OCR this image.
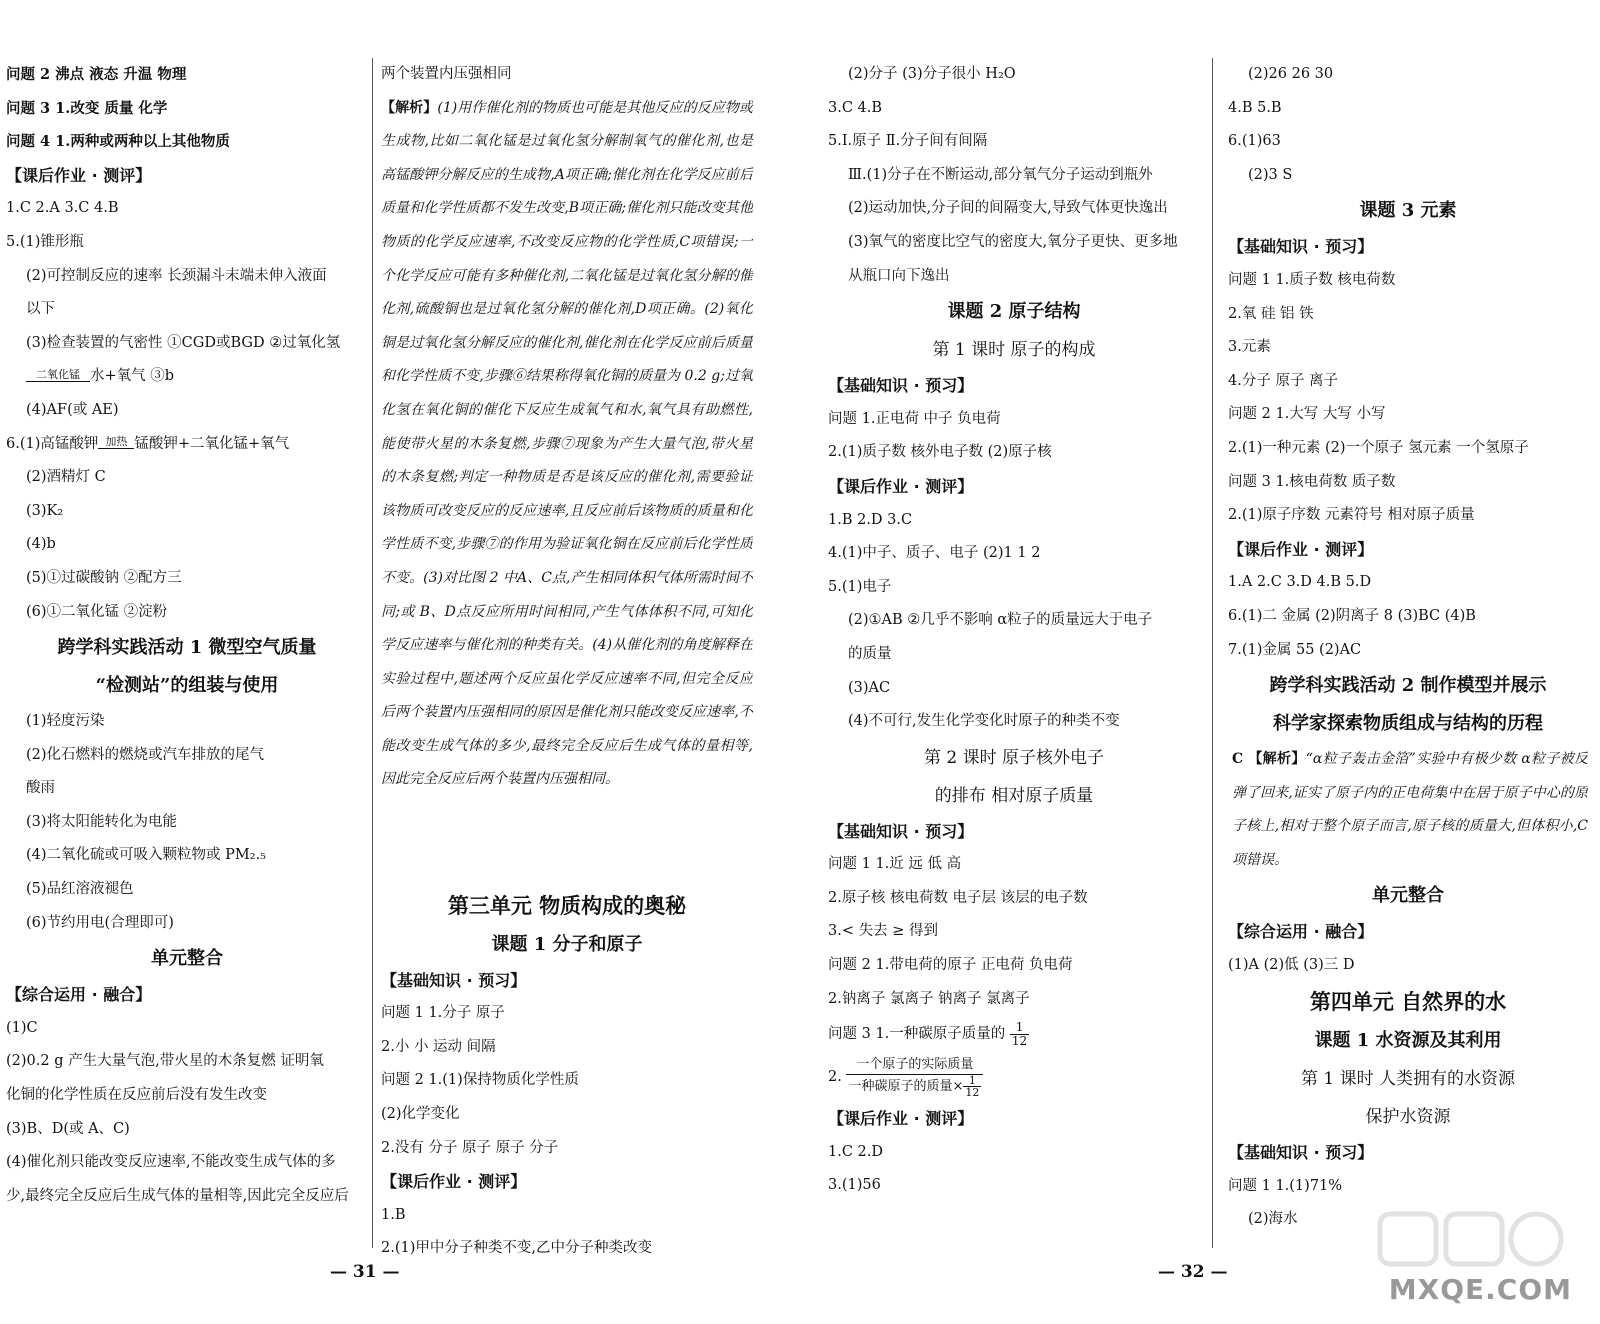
问题 2 沸点 液态 升温 物理
问题 3 1.改变 质量 化学
问题 4 1.两种或两种以上其他物质
【课后作业 · 测评】
1.C 2.A 3.C 4.B
5.(1)锥形瓶
(2)可控制反应的速率 长颈漏斗末端未伸入液面
以下
(3)检查装置的气密性 ①CGD或BGD ②过氧化氢
二氧化锰 水+氧气 ③b
(4)AF(或 AE)
6.(1)高锰酸钾 加热 锰酸钾+二氧化锰+氧气
(2)酒精灯 C
(3)K₂
(4)b
(5)①过碳酸钠 ②配方三
(6)①二氧化锰 ②淀粉
跨学科实践活动 1 微型空气质量
“检测站”的组装与使用
(1)轻度污染
(2)化石燃料的燃烧或汽车排放的尾气
酸雨
(3)将太阳能转化为电能
(4)二氧化硫或可吸入颗粒物或 PM₂.₅
(5)品红溶液褪色
(6)节约用电(合理即可)
单元整合
【综合运用 · 融合】
(1)C
(2)0.2 g 产生大量气泡,带火星的木条复燃 证明氧
化铜的化学性质在反应前后没有发生改变
(3)B、D(或 A、C)
(4)催化剂只能改变反应速率,不能改变生成气体的多
少,最终完全反应后生成气体的量相等,因此完全反应后
两个装置内压强相同
【解析】(1)用作催化剂的物质也可能是其他反应的反应物或生成物,比如二氧化锰是过氧化氢分解制氧气的催化剂,也是高锰酸钾分解反应的生成物,A项正确;催化剂在化学反应前后质量和化学性质都不发生改变,B项正确;催化剂只能改变其他物质的化学反应速率,不改变反应物的化学性质,C项错误;一个化学反应可能有多种催化剂,二氧化锰是过氧化氢分解的催化剂,硫酸铜也是过氧化氢分解的催化剂,D项正确。(2)氧化铜是过氧化氢分解反应的催化剂,催化剂在化学反应前后质量和化学性质不变,步骤⑥结果称得氧化铜的质量为 0.2 g;过氧化氢在氧化铜的催化下反应生成氧气和水,氧气具有助燃性,能使带火星的木条复燃,步骤⑦现象为产生大量气泡,带火星的木条复燃;判定一种物质是否是该反应的催化剂,需要验证该物质可改变反应的反应速率,且反应前后该物质的质量和化学性质不变,步骤⑦的作用为验证氧化铜在反应前后化学性质不变。(3)对比图 2 中A、C点,产生相同体积气体所需时间不同;或 B、D点反应所用时间相同,产生气体体积不同,可知化学反应速率与催化剂的种类有关。(4)从催化剂的角度解释在实验过程中,题述两个反应虽化学反应速率不同,但完全反应后两个装置内压强相同的原因是催化剂只能改变反应速率,不能改变生成气体的多少,最终完全反应后生成气体的量相等,因此完全反应后两个装置内压强相同。
第三单元 物质构成的奥秘
课题 1 分子和原子
【基础知识 · 预习】
问题 1 1.分子 原子
2.小 小 运动 间隔
问题 2 1.(1)保持物质化学性质
(2)化学变化
2.没有 分子 原子 原子 分子
【课后作业 · 测评】
1.B
2.(1)甲中分子种类不变,乙中分子种类改变
— 31 —
(2)分子 (3)分子很小 H₂O
3.C 4.B
5.Ⅰ.原子 Ⅱ.分子间有间隔
Ⅲ.(1)分子在不断运动,部分氧气分子运动到瓶外
(2)运动加快,分子间的间隔变大,导致气体更快逸出
(3)氧气的密度比空气的密度大,氧分子更快、更多地
从瓶口向下逸出
课题 2 原子结构
第 1 课时 原子的构成
【基础知识 · 预习】
问题 1.正电荷 中子 负电荷
2.(1)质子数 核外电子数 (2)原子核
【课后作业 · 测评】
1.B 2.D 3.C
4.(1)中子、质子、电子 (2)1 1 2
5.(1)电子
(2)①AB ②几乎不影响 α粒子的质量远大于电子
的质量
(3)AC
(4)不可行,发生化学变化时原子的种类不变
第 2 课时 原子核外电子
的排布 相对原子质量
【基础知识 · 预习】
问题 1 1.近 远 低 高
2.原子核 核电荷数 电子层 该层的电子数
3.< 失去 ≥ 得到
问题 2 1.带电荷的原子 正电荷 负电荷
2.钠离子 氯离子 钠离子 氯离子
问题 3 1.一种碳原子质量的 $\frac{1}{12}$
2. $\frac{\text{一个原子的实际质量}}{一种碳原子的质量\times \frac{1}{12}}$
【课后作业 · 测评】
1.C 2.D
3.(1)56
— 32 —
(2)26 26 30
4.B 5.B
6.(1)63
(2)3 S
课题 3 元素
【基础知识 · 预习】
问题 1 1.质子数 核电荷数
2.氧 硅 铝 铁
3.元素
4.分子 原子 离子
问题 2 1.大写 大写 小写
2.(1)一种元素 (2)一个原子 氢元素 一个氢原子
问题 3 1.核电荷数 质子数
2.(1)原子序数 元素符号 相对原子质量
【课后作业 · 测评】
1.A 2.C 3.D 4.B 5.D
6.(1)二 金属 (2)阴离子 8 (3)BC (4)B
7.(1)金属 55 (2)AC
跨学科实践活动 2 制作模型并展示
科学家探索物质组成与结构的历程
C 【解析】“α粒子轰击金箔”实验中有极少数 α粒子被反弹了回来,证实了原子内的正电荷集中在居于原子中心的原子核上,相对于整个原子而言,原子核的质量大,但体积小,C项错误。
单元整合
【综合运用 · 融合】
(1)A (2)低 (3)三 D
第四单元 自然界的水
课题 1 水资源及其利用
第 1 课时 人类拥有的水资源
保护水资源
【基础知识 · 预习】
问题 1 1.(1)71%
(2)海水
MXQE.COM
